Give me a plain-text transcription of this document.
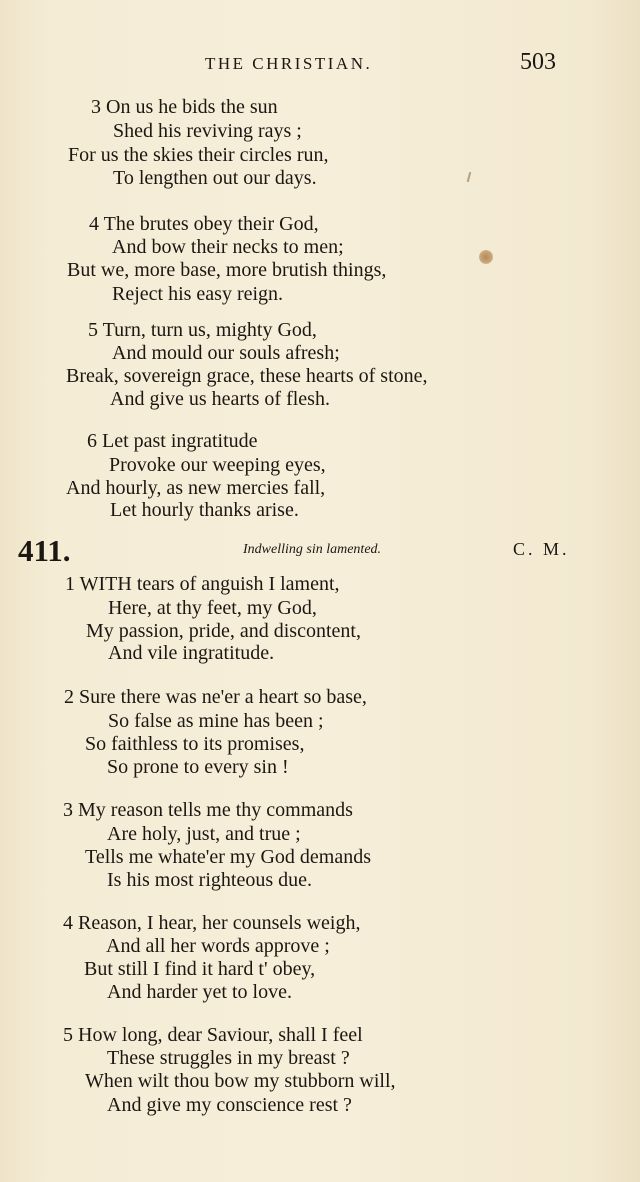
THE CHRISTIAN.	503
3 On us he bids the sun
Shed his reviving rays ;
For us the skies their circles run,
To lengthen out our days.
4 The brutes obey their God,
And bow their necks to men;
But we, more base, more brutish things,
Reject his easy reign.
5 Turn, turn us, mighty God,
And mould our souls afresh;
Break, sovereign grace, these hearts of stone,
And give us hearts of flesh.
6 Let past ingratitude
Provoke our weeping eyes,
And hourly, as new mercies fall,
Let hourly thanks arise.
411.	Indwelling sin lamented.	C. M.
1 WITH tears of anguish I lament,
Here, at thy feet, my God,
My passion, pride, and discontent,
And vile ingratitude.
2 Sure there was ne'er a heart so base,
So false as mine has been ;
So faithless to its promises,
So prone to every sin !
3 My reason tells me thy commands
Are holy, just, and true ;
Tells me whate'er my God demands
Is his most righteous due.
4 Reason, I hear, her counsels weigh,
And all her words approve ;
But still I find it hard t' obey,
And harder yet to love.
5 How long, dear Saviour, shall I feel
These struggles in my breast ?
When wilt thou bow my stubborn will,
And give my conscience rest ?
